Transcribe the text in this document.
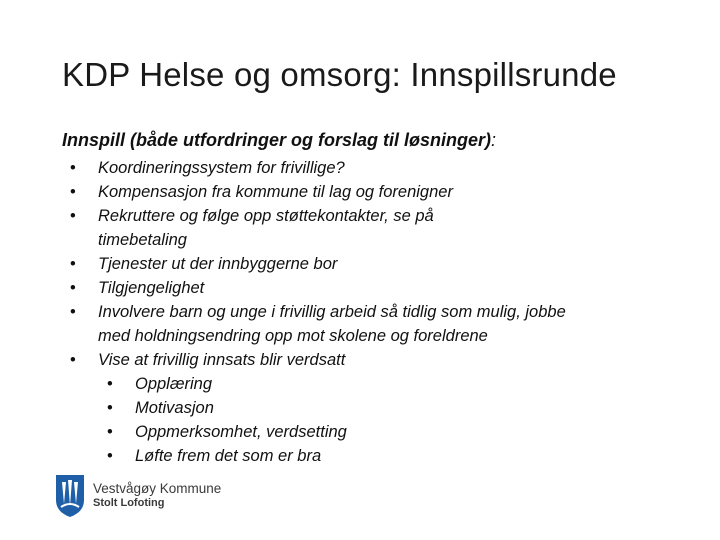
KDP Helse og omsorg: Innspillsrunde
Innspill (både utfordringer og forslag til løsninger):
• Koordineringssystem for frivillige?
• Kompensasjon fra kommune til lag og forenigner
• Rekruttere og følge opp støttekontakter, se på timebetaling
• Tjenester ut der innbyggerne bor
• Tilgjengelighet
• Involvere barn og unge i frivillig arbeid så tidlig som mulig, jobbe med holdningsendring opp mot skolene og foreldrene
• Vise at frivillig innsats blir verdsatt
• Opplæring
• Motivasjon
• Oppmerksomhet, verdsetting
• Løfte frem det som er bra
Vestvågøy Kommune
Stolt Lofoting
